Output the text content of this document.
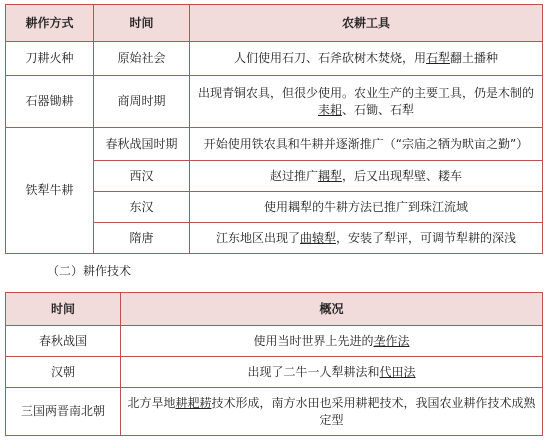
耕作方式	时间	农耕工具
刀耕火种	原始社会	人们使用石刀、石斧砍树木焚烧，用石犁翻土播种
石器锄耕	商周时期	出现青铜农具，但很少使用。农业生产的主要工具，仍是木制的耒耜、石锄、石犁
铁犁牛耕	春秋战国时期	开始使用铁农具和牛耕并逐渐推广（“宗庙之牺为畎亩之勤”）
	西汉	赵过推广耦犁，后又出现犁壁、耧车
	东汉	使用耦犁的牛耕方法已推广到珠江流域
	隋唐	江东地区出现了曲辕犁，安装了犁评，可调节犁耕的深浅
（二）耕作技术
时间	概况
春秋战国	使用当时世界上先进的垄作法
汉朝	出现了二牛一人犁耕法和代田法
三国两晋南北朝	北方旱地耕耙耢技术形成，南方水田也采用耕耙技术，我国农业耕作技术成熟定型
